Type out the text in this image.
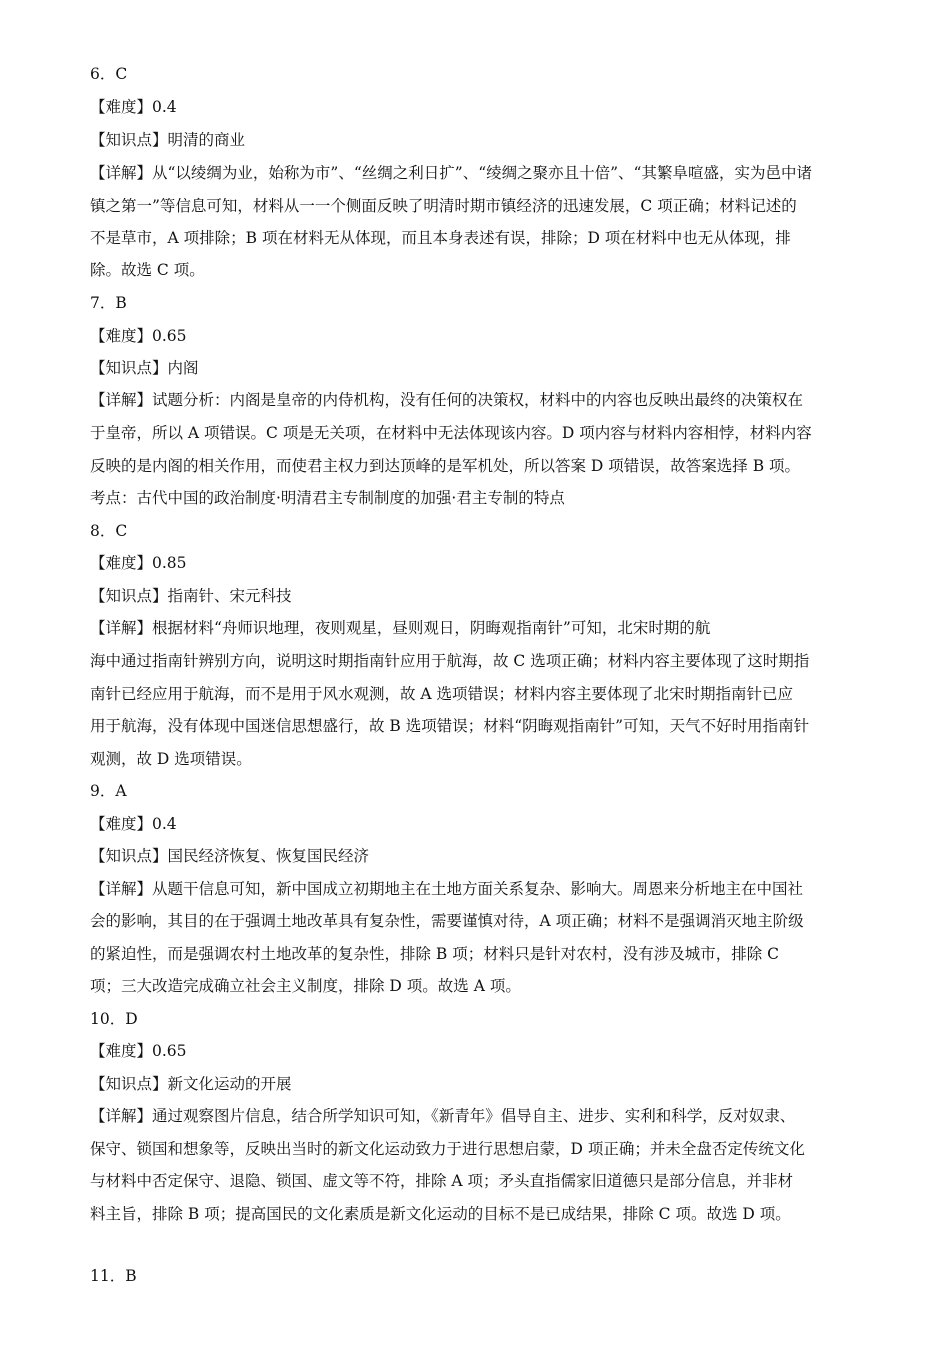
6．C
【难度】0.4
【知识点】明清的商业
【详解】从“以绫绸为业，始称为市”、“丝绸之利日扩”、“绫绸之聚亦且十倍”、“其繁阜喧盛，实为邑中诸
镇之第一”等信息可知，材料从一一个侧面反映了明清时期市镇经济的迅速发展，C 项正确；材料记述的
不是草市，A 项排除；B 项在材料无从体现，而且本身表述有误，排除；D 项在材料中也无从体现，排
除。故选 C 项。
7．B
【难度】0.65
【知识点】内阁
【详解】试题分析：内阁是皇帝的内侍机构，没有任何的决策权，材料中的内容也反映出最终的决策权在
于皇帝，所以 A 项错误。C 项是无关项，在材料中无法体现该内容。D 项内容与材料内容相悖，材料内容
反映的是内阁的相关作用，而使君主权力到达顶峰的是军机处，所以答案 D 项错误，故答案选择 B 项。
考点：古代中国的政治制度·明清君主专制制度的加强·君主专制的特点
8．C
【难度】0.85
【知识点】指南针、宋元科技
【详解】根据材料“舟师识地理，夜则观星，昼则观日，阴晦观指南针”可知，北宋时期的航
海中通过指南针辨别方向，说明这时期指南针应用于航海，故 C 选项正确；材料内容主要体现了这时期指
南针已经应用于航海，而不是用于风水观测，故 A 选项错误；材料内容主要体现了北宋时期指南针已应
用于航海，没有体现中国迷信思想盛行，故 B 选项错误；材料“阴晦观指南针”可知，天气不好时用指南针
观测，故 D 选项错误。
9．A
【难度】0.4
【知识点】国民经济恢复、恢复国民经济
【详解】从题干信息可知，新中国成立初期地主在土地方面关系复杂、影响大。周恩来分析地主在中国社
会的影响，其目的在于强调土地改革具有复杂性，需要谨慎对待，A 项正确；材料不是强调消灭地主阶级
的紧迫性，而是强调农村土地改革的复杂性，排除 B 项；材料只是针对农村，没有涉及城市，排除 C
项；三大改造完成确立社会主义制度，排除 D 项。故选 A 项。
10．D
【难度】0.65
【知识点】新文化运动的开展
【详解】通过观察图片信息，结合所学知识可知，《新青年》倡导自主、进步、实利和科学，反对奴隶、
保守、锁国和想象等，反映出当时的新文化运动致力于进行思想启蒙，D 项正确；并未全盘否定传统文化
与材料中否定保守、退隐、锁国、虚文等不符，排除 A 项；矛头直指儒家旧道德只是部分信息，并非材
料主旨，排除 B 项；提高国民的文化素质是新文化运动的目标不是已成结果，排除 C 项。故选 D 项。
11．B
